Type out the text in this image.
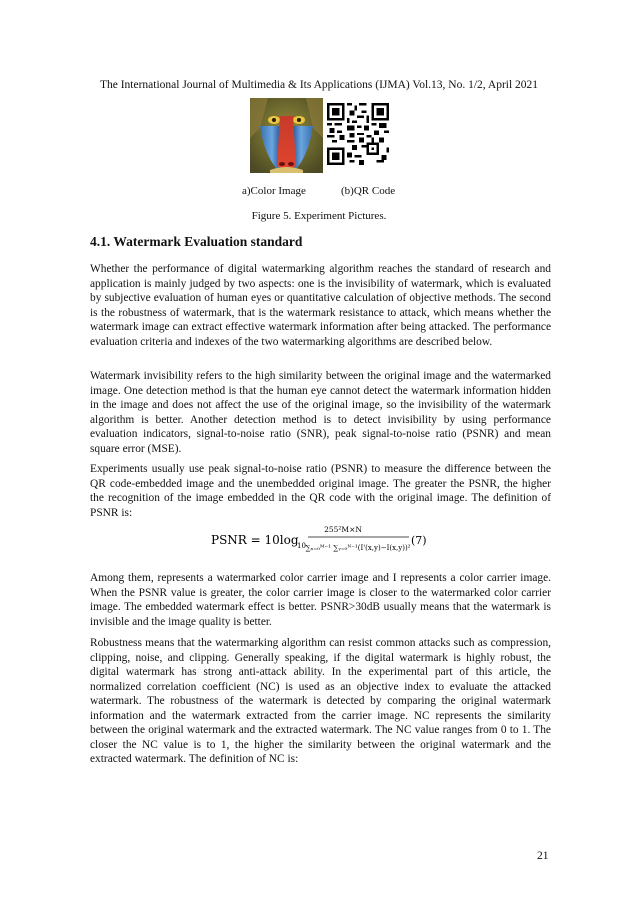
The International Journal of Multimedia & Its Applications (IJMA) Vol.13, No. 1/2, April 2021
a)Color Image	(b)QR Code
Figure 5. Experiment Pictures.
4.1. Watermark Evaluation standard

Whether the performance of digital watermarking algorithm reaches the standard of research and application is mainly judged by two aspects: one is the invisibility of watermark, which is evaluated by subjective evaluation of human eyes or quantitative calculation of objective methods. The second is the robustness of watermark, that is the watermark resistance to attack, which means whether the watermark image can extract effective watermark information after being attacked. The performance evaluation criteria and indexes of the two watermarking algorithms are described below.

Watermark invisibility refers to the high similarity between the original image and the watermarked image. One detection method is that the human eye cannot detect the watermark information hidden in the image and does not affect the use of the original image, so the invisibility of the watermark algorithm is better. Another detection method is to detect invisibility by using performance evaluation indicators, signal-to-noise ratio (SNR), peak signal-to-noise ratio (PSNR) and mean square error (MSE).

Experiments usually use peak signal-to-noise ratio (PSNR) to measure the difference between the QR code-embedded image and the unembedded original image. The greater the PSNR, the higher the recognition of the image embedded in the QR code with the original image. The definition of PSNR is:

PSNR = 10log
10
255²M×N
∑ₓ₌₀ᴹ⁻¹ ∑ᵧ₌₀ᴺ⁻¹(I'(x,y)−I(x,y))²
(7)

Among them, represents a watermarked color carrier image and I represents a color carrier image. When the PSNR value is greater, the color carrier image is closer to the watermarked color carrier image. The embedded watermark effect is better. PSNR>30dB usually means that the watermark is invisible and the image quality is better.

Robustness means that the watermarking algorithm can resist common attacks such as compression, clipping, noise, and clipping. Generally speaking, if the digital watermark is highly robust, the digital watermark has strong anti-attack ability. In the experimental part of this article, the normalized correlation coefficient (NC) is used as an objective index to evaluate the attacked watermark. The robustness of the watermark is detected by comparing the original watermark information and the watermark extracted from the carrier image. NC represents the similarity between the original watermark and the extracted watermark. The NC value ranges from 0 to 1. The closer the NC value is to 1, the higher the similarity between the original watermark and the extracted watermark. The definition of NC is:

21
